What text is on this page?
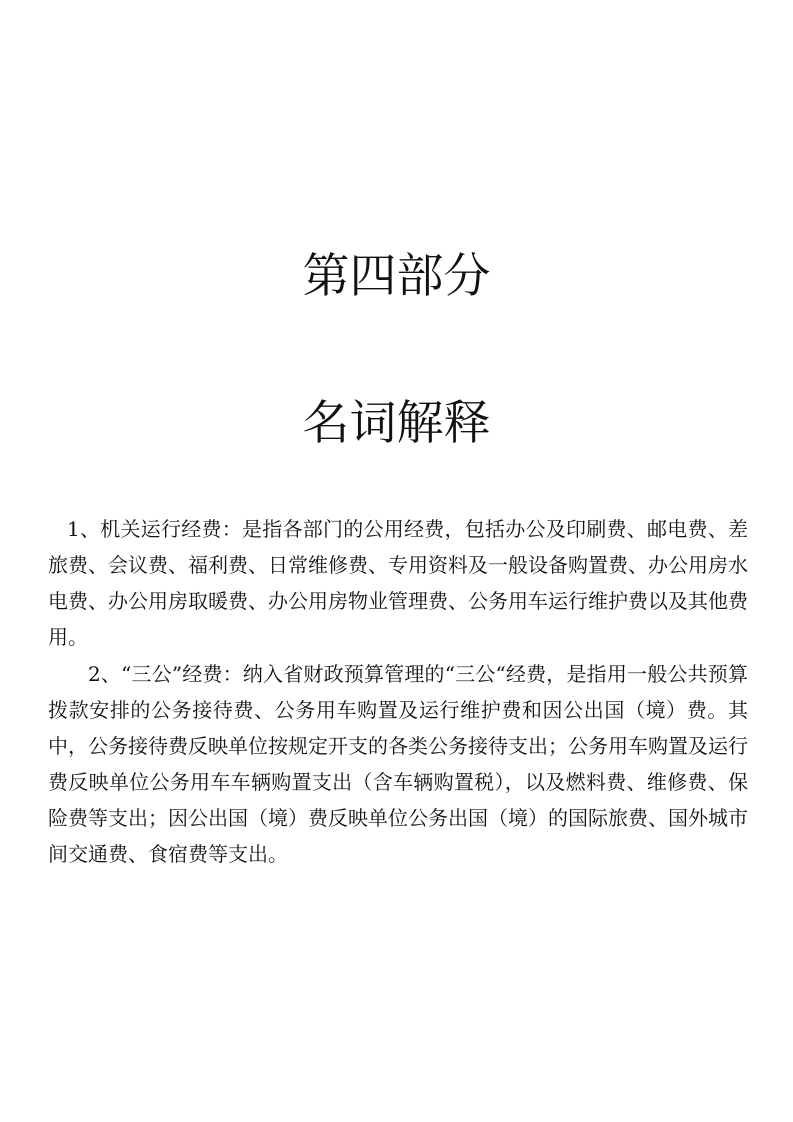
第四部分
名词解释

1、机关运行经费：是指各部门的公用经费，包括办公及印刷费、邮电费、差旅费、会议费、福利费、日常维修费、专用资料及一般设备购置费、办公用房水电费、办公用房取暖费、办公用房物业管理费、公务用车运行维护费以及其他费用。

2、“三公”经费：纳入省财政预算管理的“三公“经费，是指用一般公共预算拨款安排的公务接待费、公务用车购置及运行维护费和因公出国（境）费。其中，公务接待费反映单位按规定开支的各类公务接待支出；公务用车购置及运行费反映单位公务用车车辆购置支出（含车辆购置税），以及燃料费、维修费、保险费等支出；因公出国（境）费反映单位公务出国（境）的国际旅费、国外城市间交通费、食宿费等支出。
